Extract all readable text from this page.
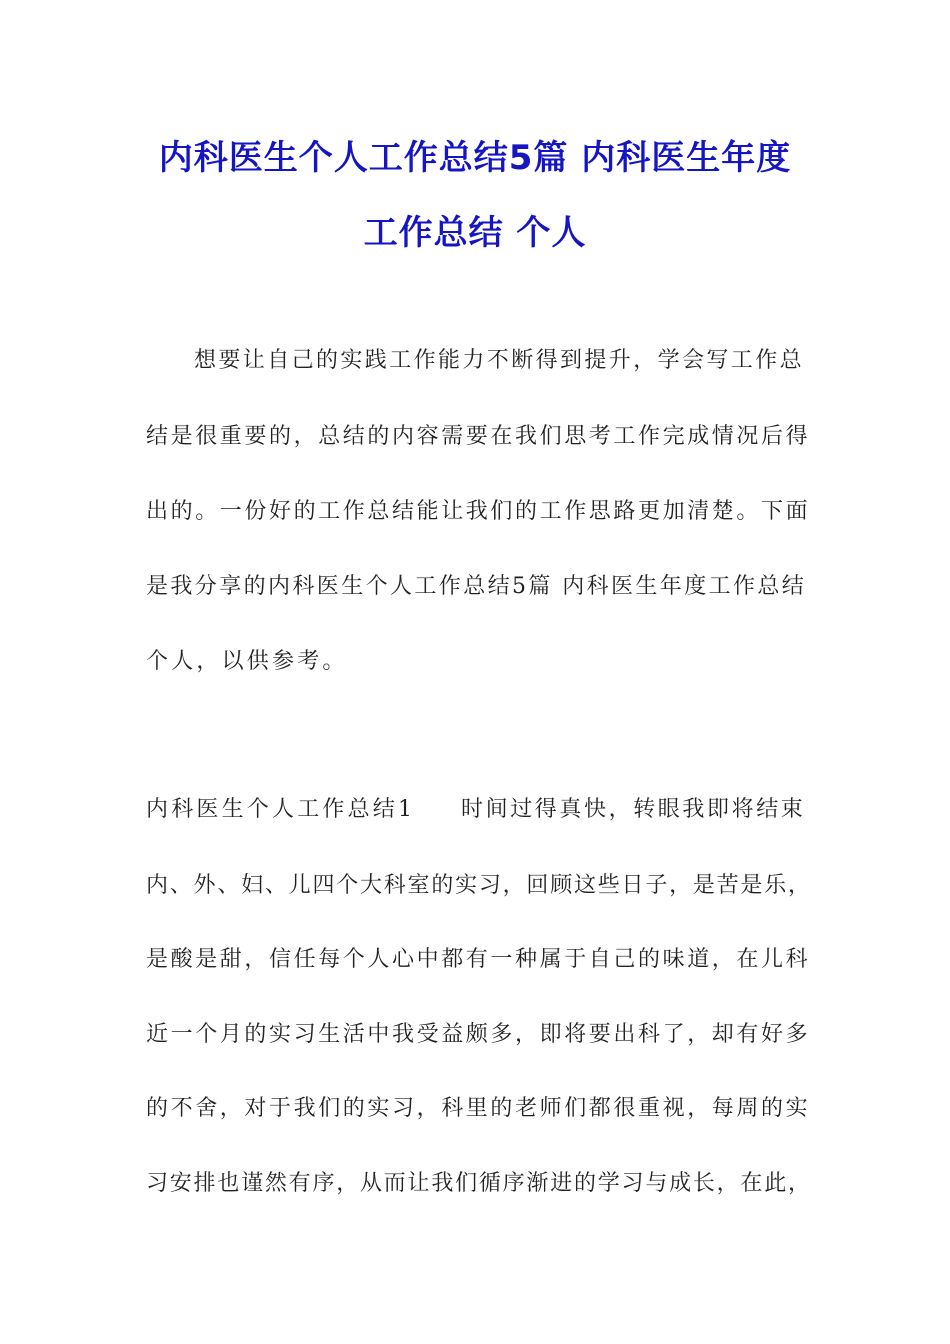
内科医生个人工作总结5篇 内科医生年度
工作总结 个人
想要让自己的实践工作能力不断得到提升，学会写工作总
结是很重要的，总结的内容需要在我们思考工作完成情况后得
出的。一份好的工作总结能让我们的工作思路更加清楚。下面
是我分享的内科医生个人工作总结5篇 内科医生年度工作总结
个人，以供参考。
内科医生个人工作总结1 时间过得真快，转眼我即将结束
内、外、妇、儿四个大科室的实习，回顾这些日子，是苦是乐，
是酸是甜，信任每个人心中都有一种属于自己的味道，在儿科
近一个月的实习生活中我受益颇多，即将要出科了，却有好多
的不舍，对于我们的实习，科里的老师们都很重视，每周的实
习安排也谨然有序，从而让我们循序渐进的学习与成长，在此，
